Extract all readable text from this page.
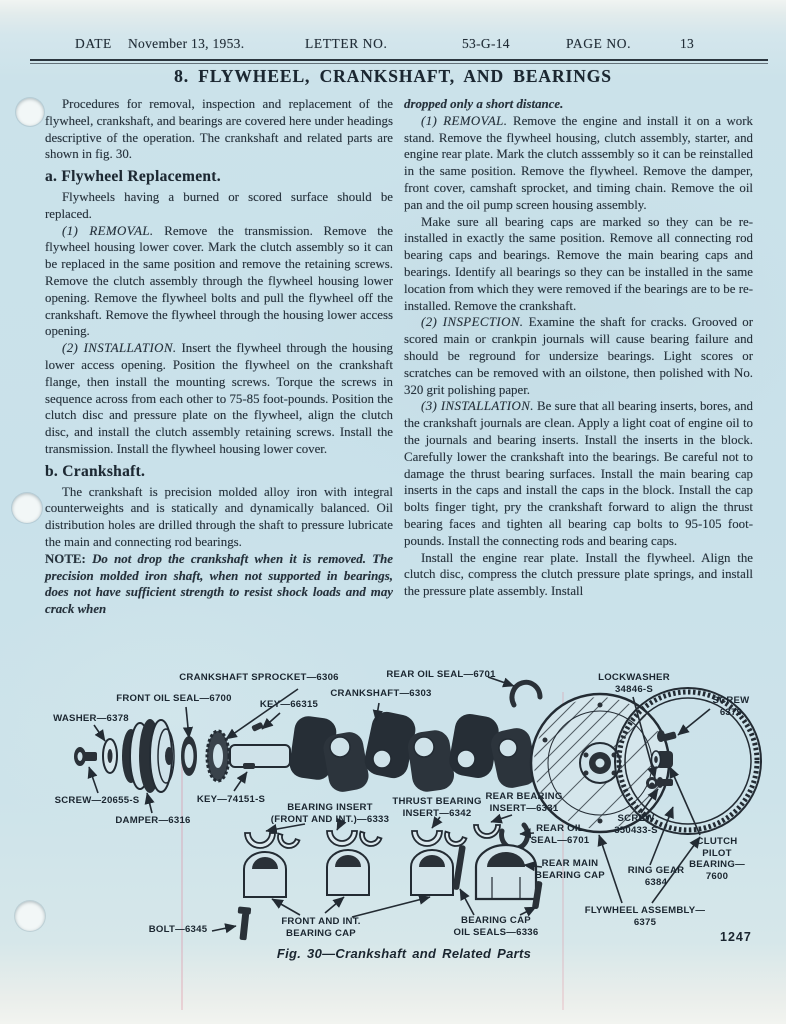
DATE November 13, 1953.	LETTER NO.	53-G-14	PAGE NO.	13
8. FLYWHEEL, CRANKSHAFT, AND BEARINGS

Procedures for removal, inspection and replacement of the flywheel, crankshaft, and bearings are covered here under headings descriptive of the operation. The crankshaft and related parts are shown in fig. 30.

a. Flywheel Replacement.

Flywheels having a burned or scored surface should be replaced.

(1) REMOVAL. Remove the transmission. Remove the flywheel housing lower cover. Mark the clutch assembly so it can be replaced in the same position and remove the retaining screws. Remove the clutch assembly through the flywheel housing lower opening. Remove the flywheel bolts and pull the flywheel off the crankshaft. Remove the flywheel through the housing lower access opening.

(2) INSTALLATION. Insert the flywheel through the housing lower access opening. Position the flywheel on the crankshaft flange, then install the mounting screws. Torque the screws in sequence across from each other to 75-85 foot-pounds. Position the clutch disc and pressure plate on the flywheel, align the clutch disc, and install the clutch assembly retaining screws. Install the transmission. Install the flywheel housing lower cover.

b. Crankshaft.

The crankshaft is precision molded alloy iron with integral counterweights and is statically and dynamically balanced. Oil distribution holes are drilled through the shaft to pressure lubricate the main and connecting rod bearings.

NOTE: Do not drop the crankshaft when it is removed. The precision molded iron shaft, when not supported in bearings, does not have sufficient strength to resist shock loads and may crack when

dropped only a short distance.

(1) REMOVAL. Remove the engine and install it on a work stand. Remove the flywheel housing, clutch assembly, starter, and engine rear plate. Mark the clutch asssembly so it can be reinstalled in the same position. Remove the flywheel. Remove the damper, front cover, camshaft sprocket, and timing chain. Remove the oil pan and the oil pump screen housing assembly.

Make sure all bearing caps are marked so they can be re-installed in exactly the same position. Remove all connecting rod bearing caps and bearings. Remove the main bearing caps and bearings. Identify all bearings so they can be installed in the same location from which they were removed if the bearings are to be re-installed. Remove the crankshaft.

(2) INSPECTION. Examine the shaft for cracks. Grooved or scored main or crankpin journals will cause bearing failure and should be reground for undersize bearings. Light scores or scratches can be removed with an oilstone, then polished with No. 320 grit polishing paper.

(3) INSTALLATION. Be sure that all bearing inserts, bores, and the crankshaft journals are clean. Apply a light coat of engine oil to the journals and bearing inserts. Install the inserts in the block. Carefully lower the crankshaft into the bearings. Be careful not to damage the thrust bearing surfaces. Install the main bearing cap inserts in the caps and install the caps in the block. Install the cap bolts finger tight, pry the crankshaft forward to align the thrust bearing faces and tighten all bearing cap bolts to 95-105 foot-pounds. Install the connecting rods and bearing caps.

Install the engine rear plate. Install the flywheel. Align the clutch disc, compress the clutch pressure plate springs, and install the pressure plate assembly. Install

CRANKSHAFT SPROCKET—6306	REAR OIL SEAL—6701
FRONT OIL SEAL—6700
KEY—66315
CRANKSHAFT—6303
LOCKWASHER
34846-S
SCREW
6379
WASHER—6378
SCREW—20655-S
DAMPER—6316
KEY—74151-S
BEARING INSERT
(FRONT AND INT.)—6333
THRUST BEARING
INSERT—6342
REAR BEARING
INSERT—6331
REAR OIL
SEAL—6701
REAR MAIN
BEARING CAP
SCREW
350433-S
CLUTCH PILOT
BEARING—7600
RING GEAR
6384
FLYWHEEL ASSEMBLY—6375
BOLT—6345
FRONT AND INT.
BEARING CAP
BEARING CAP
OIL SEALS—6336
Fig. 30—Crankshaft and Related Parts
1247
